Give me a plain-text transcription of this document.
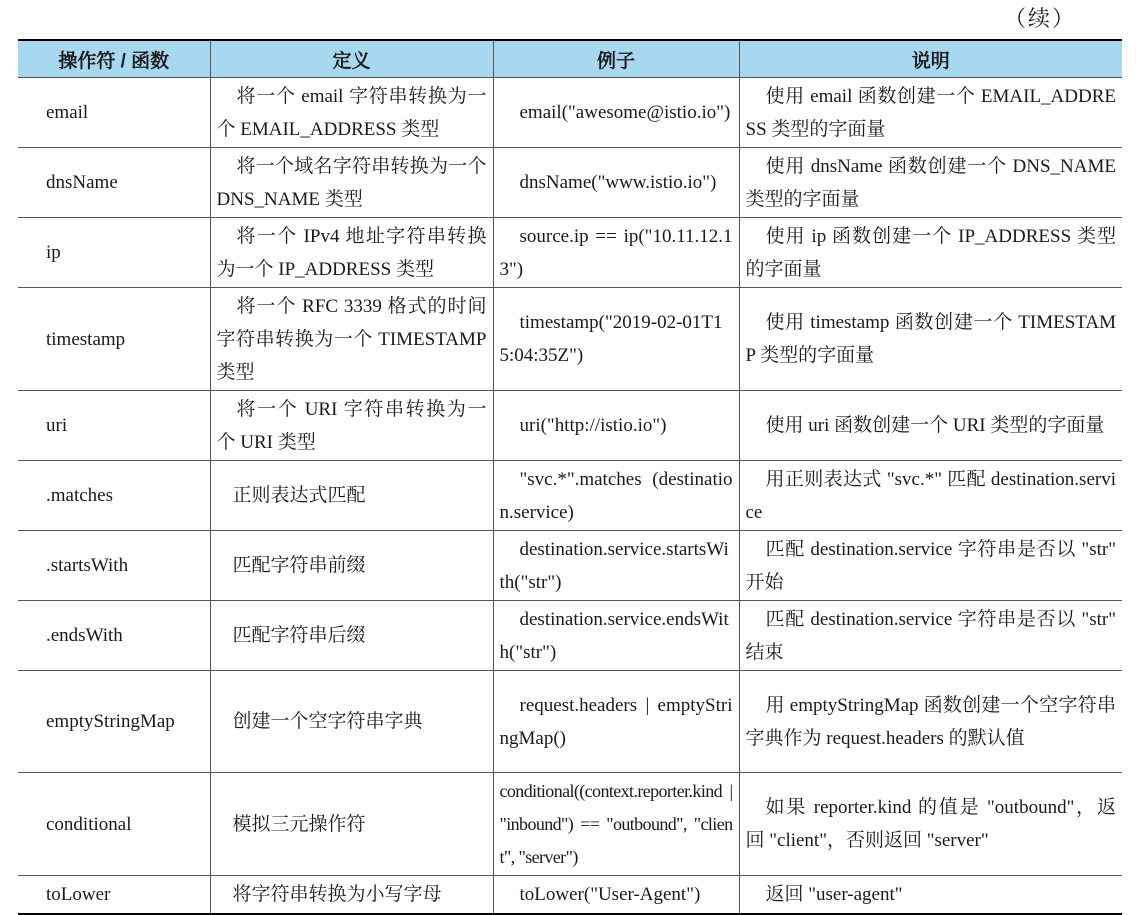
（续）
操作符 / 函数	定义	例子	说明
email	将一个 email 字符串转换为一个 EMAIL_ADDRESS 类型	email("awesome@istio.io")	使用 email 函数创建一个 EMAIL_ADDRESS 类型的字面量
dnsName	将一个域名字符串转换为一个 DNS_NAME 类型	dnsName("www.istio.io")	使用 dnsName 函数创建一个 DNS_NAME 类型的字面量
ip	将一个 IPv4 地址字符串转换为一个 IP_ADDRESS 类型	source.ip == ip("10.11.12.13")	使用 ip 函数创建一个 IP_ADDRESS 类型的字面量
timestamp	将一个 RFC 3339 格式的时间字符串转换为一个 TIMESTAMP 类型	timestamp("2019-02-01T15:04:35Z")	使用 timestamp 函数创建一个 TIMESTAMP 类型的字面量
uri	将一个 URI 字符串转换为一个 URI 类型	uri("http://istio.io")	使用 uri 函数创建一个 URI 类型的字面量
.matches	正则表达式匹配	"svc.*".matches (destination.service)	用正则表达式 "svc.*" 匹配 destination.service
.startsWith	匹配字符串前缀	destination.service.startsWith("str")	匹配 destination.service 字符串是否以 "str" 开始
.endsWith	匹配字符串后缀	destination.service.endsWith("str")	匹配 destination.service 字符串是否以 "str" 结束
emptyStringMap	创建一个空字符串字典	request.headers | emptyStringMap()	用 emptyStringMap 函数创建一个空字符串字典作为 request.headers 的默认值
conditional	模拟三元操作符	conditional((context.reporter.kind | "inbound") == "outbound", "client", "server")	如果 reporter.kind 的值是 "outbound"，返回 "client"，否则返回 "server"
toLower	将字符串转换为小写字母	toLower("User-Agent")	返回 "user-agent"
